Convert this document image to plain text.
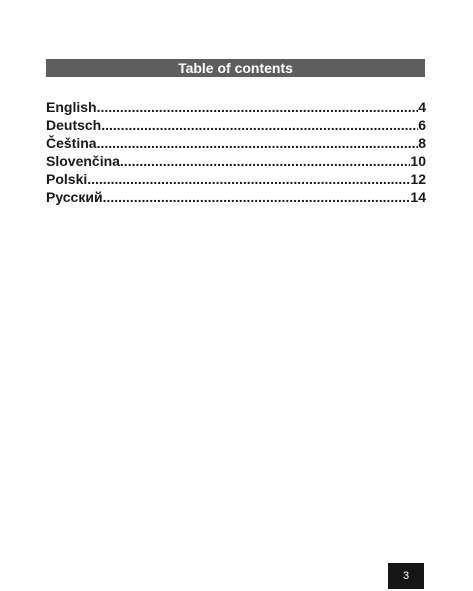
Table of contents
English .....	4
Deutsch .....	6
Čeština .....	8
Slovenčina .....	10
Polski .....	12
Русский .....	14
3
